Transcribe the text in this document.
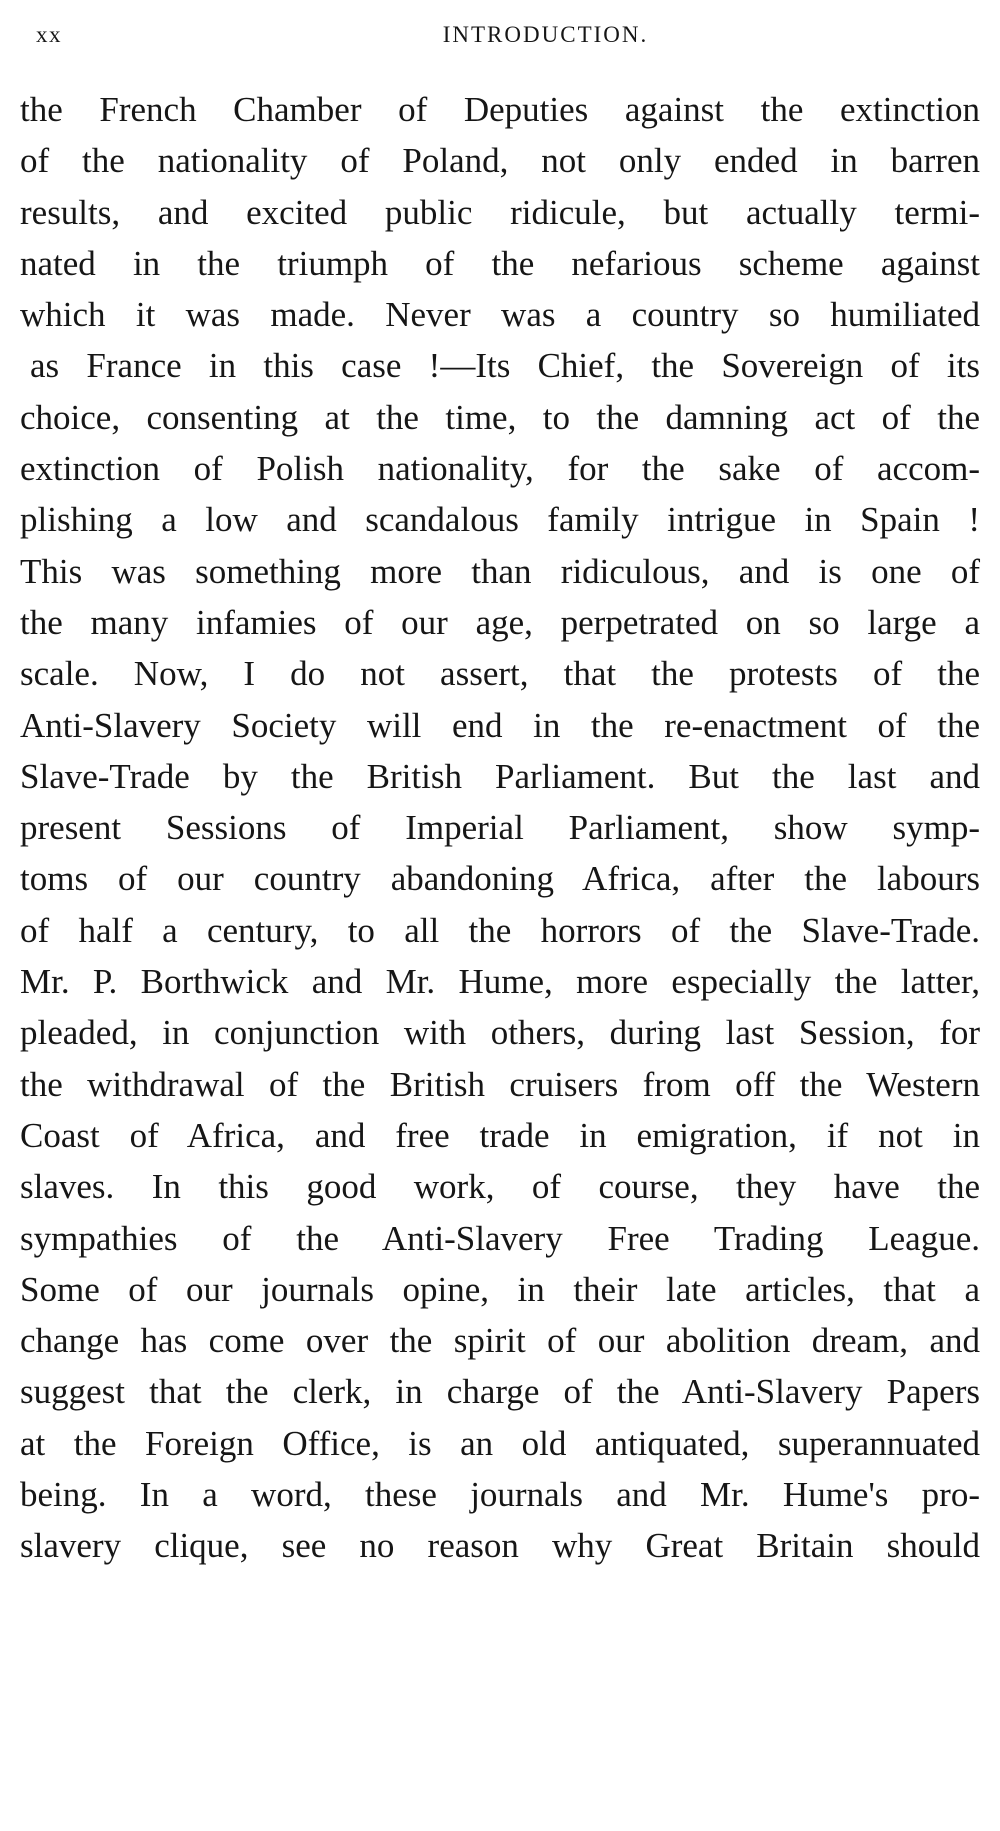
xx	INTRODUCTION.
the French Chamber of Deputies against the extinction
of the nationality of Poland, not only ended in barren
results, and excited public ridicule, but actually termi-
nated in the triumph of the nefarious scheme against
which it was made. Never was a country so humiliated
as France in this case !—Its Chief, the Sovereign of its
choice, consenting at the time, to the damning act of the
extinction of Polish nationality, for the sake of accom-
plishing a low and scandalous family intrigue in Spain !
This was something more than ridiculous, and is one of
the many infamies of our age, perpetrated on so large a
scale. Now, I do not assert, that the protests of the
Anti-Slavery Society will end in the re-enactment of the
Slave-Trade by the British Parliament. But the last and
present Sessions of Imperial Parliament, show symp-
toms of our country abandoning Africa, after the labours
of half a century, to all the horrors of the Slave-Trade.
Mr. P. Borthwick and Mr. Hume, more especially the latter,
pleaded, in conjunction with others, during last Session, for
the withdrawal of the British cruisers from off the Western
Coast of Africa, and free trade in emigration, if not in
slaves. In this good work, of course, they have the
sympathies of the Anti-Slavery Free Trading League.
Some of our journals opine, in their late articles, that a
change has come over the spirit of our abolition dream, and
suggest that the clerk, in charge of the Anti-Slavery Papers
at the Foreign Office, is an old antiquated, superannuated
being. In a word, these journals and Mr. Hume's pro-
slavery clique, see no reason why Great Britain should
